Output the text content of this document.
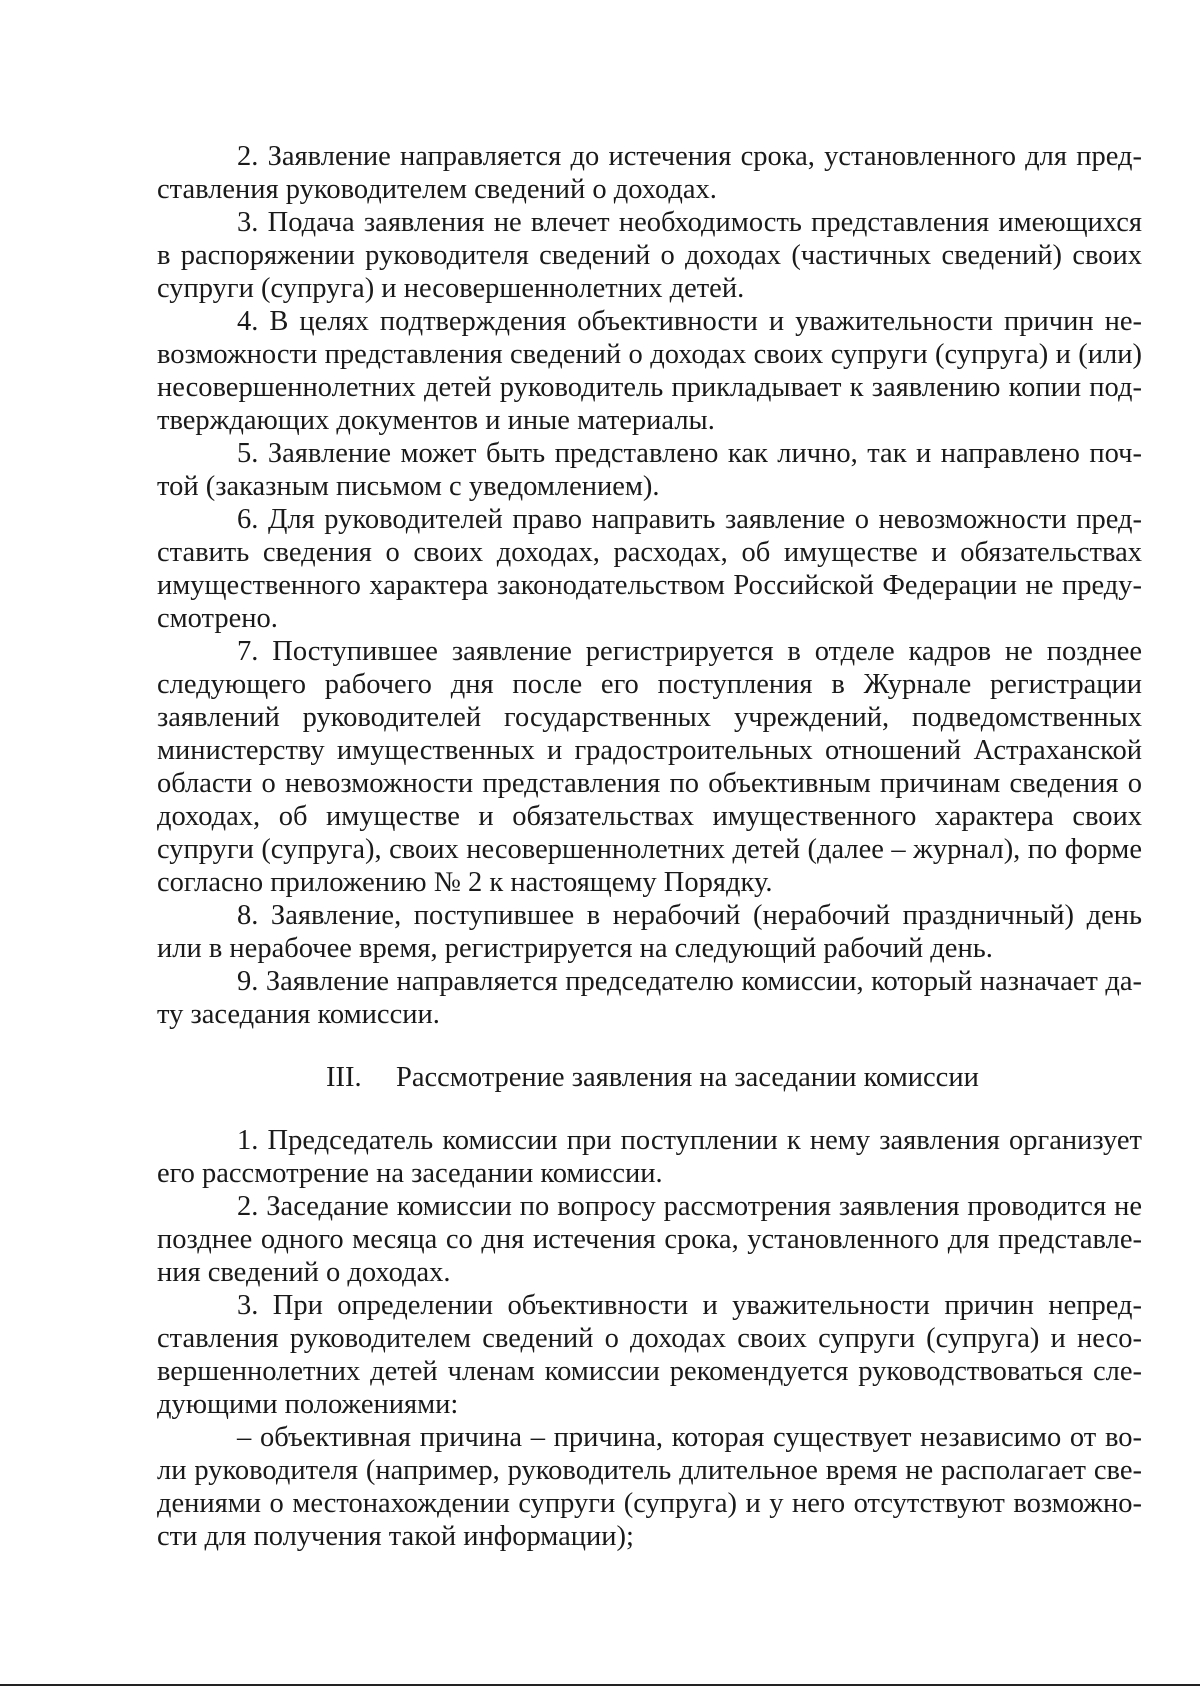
2. Заявление направляется до истечения срока, установленного для представления руководителем сведений о доходах.

3. Подача заявления не влечет необходимость представления имеющихся в распоряжении руководителя сведений о доходах (частичных сведений) своих супруги (супруга) и несовершеннолетних детей.

4. В целях подтверждения объективности и уважительности причин невозможности представления сведений о доходах своих супруги (супруга) и (или) несовершеннолетних детей руководитель прикладывает к заявлению копии подтверждающих документов и иные материалы.

5. Заявление может быть представлено как лично, так и направлено почтой (заказным письмом с уведомлением).

6. Для руководителей право направить заявление о невозможности представить сведения о своих доходах, расходах, об имуществе и обязательствах имущественного характера законодательством Российской Федерации не предусмотрено.

7. Поступившее заявление регистрируется в отделе кадров не позднее следующего рабочего дня после его поступления в Журнале регистрации заявлений руководителей государственных учреждений, подведомственных министерству имущественных и градостроительных отношений Астраханской области о невозможности представления по объективным причинам сведения о доходах, об имуществе и обязательствах имущественного характера своих супруги (супруга), своих несовершеннолетних детей (далее – журнал), по форме согласно приложению № 2 к настоящему Порядку.

8. Заявление, поступившее в нерабочий (нерабочий праздничный) день или в нерабочее время, регистрируется на следующий рабочий день.

9. Заявление направляется председателю комиссии, который назначает дату заседания комиссии.

III. Рассмотрение заявления на заседании комиссии

1. Председатель комиссии при поступлении к нему заявления организует его рассмотрение на заседании комиссии.

2. Заседание комиссии по вопросу рассмотрения заявления проводится не позднее одного месяца со дня истечения срока, установленного для представления сведений о доходах.

3. При определении объективности и уважительности причин непредставления руководителем сведений о доходах своих супруги (супруга) и несовершеннолетних детей членам комиссии рекомендуется руководствоваться следующими положениями:

– объективная причина – причина, которая существует независимо от воли руководителя (например, руководитель длительное время не располагает сведениями о местонахождении супруги (супруга) и у него отсутствуют возможности для получения такой информации);
